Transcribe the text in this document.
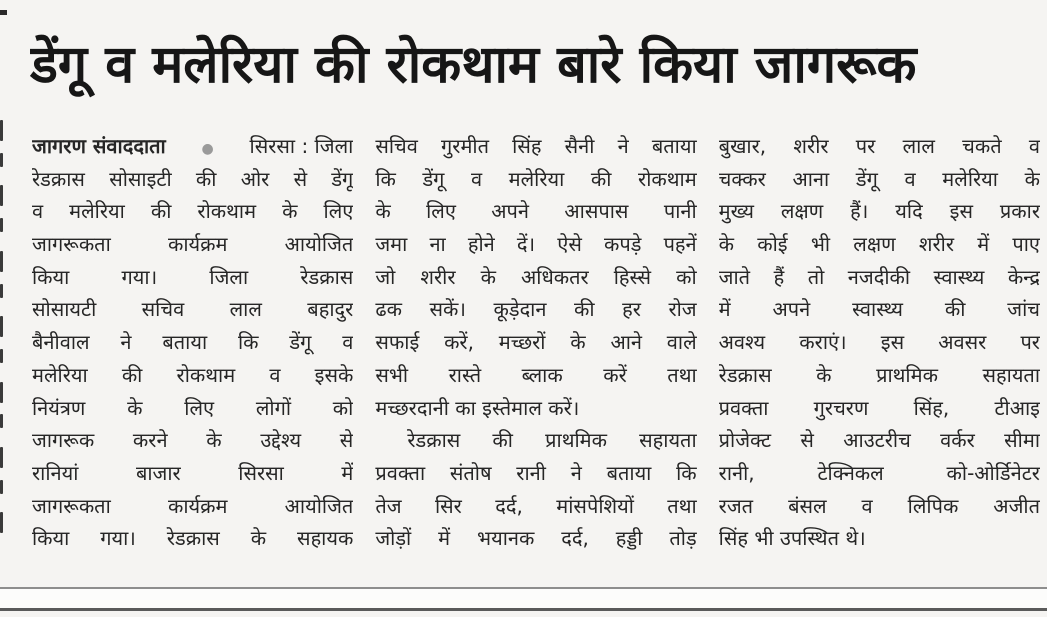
डेंगू व मलेरिया की रोकथाम बारे किया जागरूक
जागरण संवाददाता	● सिरसा : जिला
रेडक्रास सोसाइटी की ओर से डेंगू
व मलेरिया की रोकथाम के लिए
जागरूकता कार्यक्रम आयोजित
किया गया। जिला रेडक्रास
सोसायटी सचिव लाल बहादुर
बैनीवाल ने बताया कि डेंगू व
मलेरिया की रोकथाम व इसके
नियंत्रण के लिए लोगों को
जागरूक करने के उद्देश्य से
रानियां बाजार सिरसा में
जागरूकता कार्यक्रम आयोजित
किया गया। रेडक्रास के सहायक
सचिव गुरमीत सिंह सैनी ने बताया
कि डेंगू व मलेरिया की रोकथाम
के लिए अपने आसपास पानी
जमा ना होने दें। ऐसे कपड़े पहनें
जो शरीर के अधिकतर हिस्से को
ढक सकें। कूड़ेदान की हर रोज
सफाई करें, मच्छरों के आने वाले
सभी रास्ते ब्लाक करें तथा
मच्छरदानी का इस्तेमाल करें।
रेडक्रास की प्राथमिक सहायता
प्रवक्ता संतोष रानी ने बताया कि
तेज सिर दर्द, मांसपेशियों तथा
जोड़ों में भयानक दर्द, हड्डी तोड़
बुखार, शरीर पर लाल चकते व
चक्कर आना डेंगू व मलेरिया के
मुख्य लक्षण हैं। यदि इस प्रकार
के कोई भी लक्षण शरीर में पाए
जाते हैं तो नजदीकी स्वास्थ्य केन्द्र
में अपने स्वास्थ्य की जांच
अवश्य कराएं। इस अवसर पर
रेडक्रास के प्राथमिक सहायता
प्रवक्ता गुरचरण सिंह, टीआइ
प्रोजेक्ट से आउटरीच वर्कर सीमा
रानी, टेक्निकल को-ओर्डिनेटर
रजत बंसल व लिपिक अजीत
सिंह भी उपस्थित थे।
